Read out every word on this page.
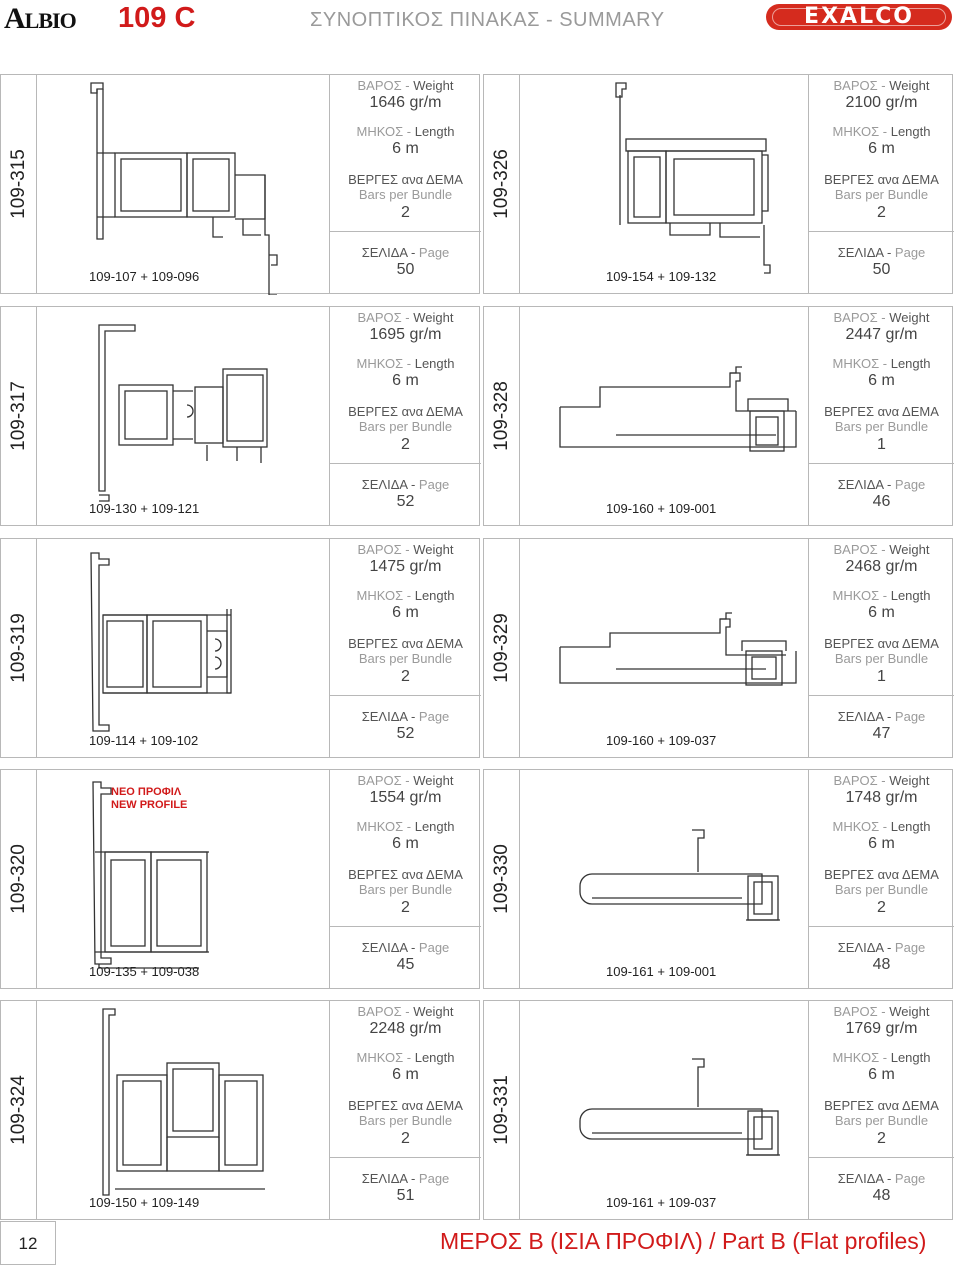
ALBIO 109 C	ΣΥΝΟΠΤΙΚΟΣ ΠΙΝΑΚΑΣ - SUMMARY	EXALCO
109-315
109-107 + 109-096
ΒΑΡΟΣ - Weight
1646 gr/m
ΜΗΚΟΣ - Length
6 m
ΒΕΡΓΕΣ ανα ΔΕΜΑ
Bars per Bundle
2
ΣΕΛΙΔΑ - Page
50
109-326
109-154 + 109-132
ΒΑΡΟΣ - Weight
2100 gr/m
ΜΗΚΟΣ - Length
6 m
ΒΕΡΓΕΣ ανα ΔΕΜΑ
Bars per Bundle
2
ΣΕΛΙΔΑ - Page
50
109-317
109-130 + 109-121
ΒΑΡΟΣ - Weight
1695 gr/m
ΜΗΚΟΣ - Length
6 m
ΒΕΡΓΕΣ ανα ΔΕΜΑ
Bars per Bundle
2
ΣΕΛΙΔΑ - Page
52
109-328
109-160 + 109-001
ΒΑΡΟΣ - Weight
2447 gr/m
ΜΗΚΟΣ - Length
6 m
ΒΕΡΓΕΣ ανα ΔΕΜΑ
Bars per Bundle
1
ΣΕΛΙΔΑ - Page
46
109-319
109-114 + 109-102
ΒΑΡΟΣ - Weight
1475 gr/m
ΜΗΚΟΣ - Length
6 m
ΒΕΡΓΕΣ ανα ΔΕΜΑ
Bars per Bundle
2
ΣΕΛΙΔΑ - Page
52
109-329
109-160 + 109-037
ΒΑΡΟΣ - Weight
2468 gr/m
ΜΗΚΟΣ - Length
6 m
ΒΕΡΓΕΣ ανα ΔΕΜΑ
Bars per Bundle
1
ΣΕΛΙΔΑ - Page
47
109-320
ΝΕΟ ΠΡΟΦΙΛ
NEW PROFILE
109-135 + 109-038
ΒΑΡΟΣ - Weight
1554 gr/m
ΜΗΚΟΣ - Length
6 m
ΒΕΡΓΕΣ ανα ΔΕΜΑ
Bars per Bundle
2
ΣΕΛΙΔΑ - Page
45
109-330
109-161 + 109-001
ΒΑΡΟΣ - Weight
1748 gr/m
ΜΗΚΟΣ - Length
6 m
ΒΕΡΓΕΣ ανα ΔΕΜΑ
Bars per Bundle
2
ΣΕΛΙΔΑ - Page
48
109-324
109-150 + 109-149
ΒΑΡΟΣ - Weight
2248 gr/m
ΜΗΚΟΣ - Length
6 m
ΒΕΡΓΕΣ ανα ΔΕΜΑ
Bars per Bundle
2
ΣΕΛΙΔΑ - Page
51
109-331
109-161 + 109-037
ΒΑΡΟΣ - Weight
1769 gr/m
ΜΗΚΟΣ - Length
6 m
ΒΕΡΓΕΣ ανα ΔΕΜΑ
Bars per Bundle
2
ΣΕΛΙΔΑ - Page
48
12	ΜΕΡΟΣ Β (ΙΣΙΑ ΠΡΟΦΙΛ) / Part B (Flat profiles)
